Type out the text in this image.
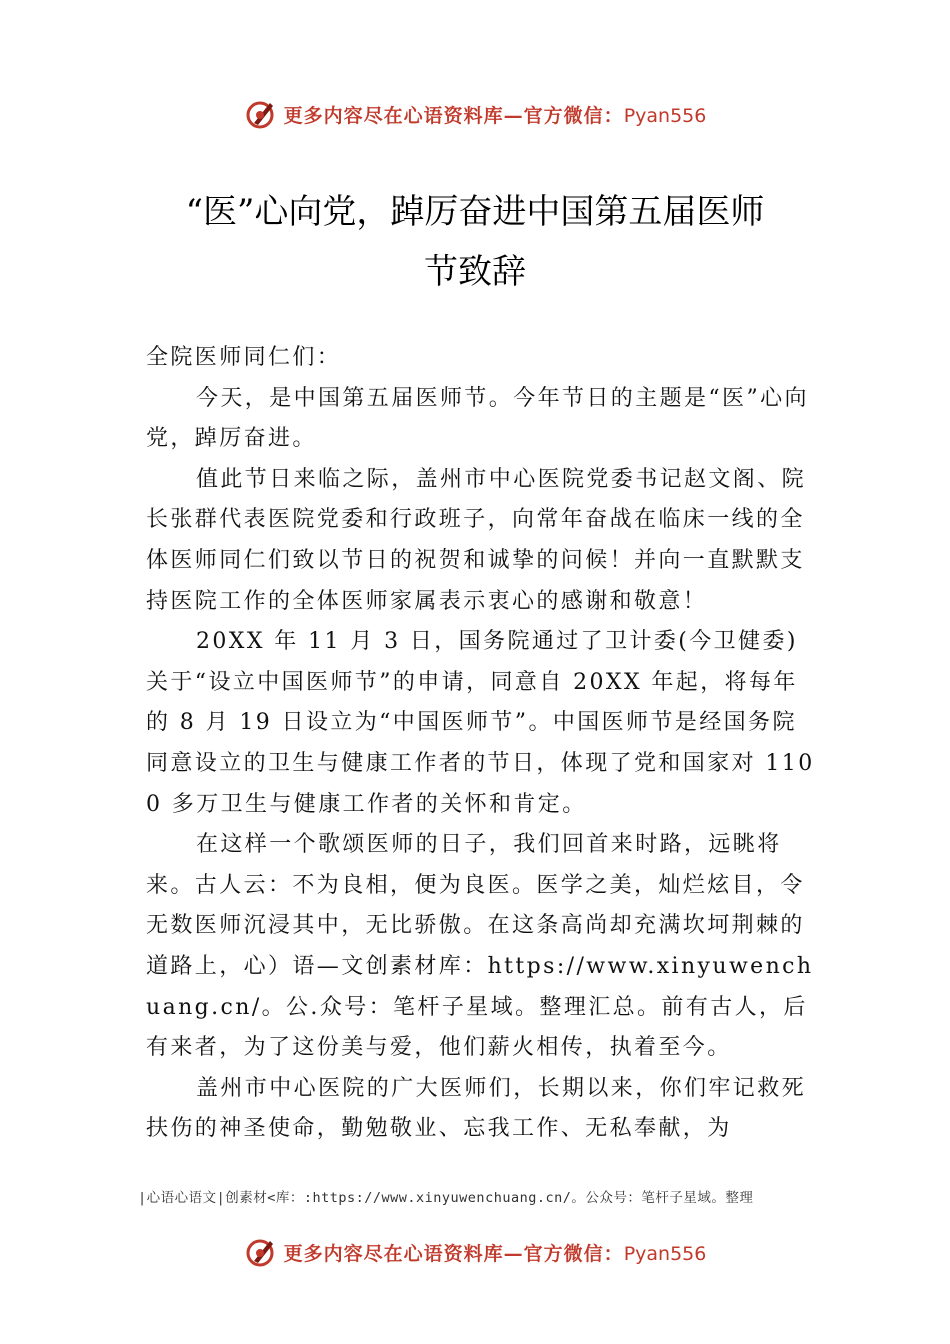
更多内容尽在心语资料库—官方微信：Pyan556
“医”心向党，踔厉奋进中国第五届医师
节致辞

全院医师同仁们：

今天，是中国第五届医师节。今年节日的主题是“医”心向党，踔厉奋进。

值此节日来临之际，盖州市中心医院党委书记赵文阁、院长张群代表医院党委和行政班子，向常年奋战在临床一线的全体医师同仁们致以节日的祝贺和诚挚的问候！并向一直默默支持医院工作的全体医师家属表示衷心的感谢和敬意！

20XX 年 11 月 3 日，国务院通过了卫计委(今卫健委)关于“设立中国医师节”的申请，同意自 20XX 年起，将每年的 8 月 19 日设立为“中国医师节”。中国医师节是经国务院同意设立的卫生与健康工作者的节日，体现了党和国家对 1100 多万卫生与健康工作者的关怀和肯定。

在这样一个歌颂医师的日子，我们回首来时路，远眺将来。古人云：不为良相，便为良医。医学之美，灿烂炫目，令无数医师沉浸其中，无比骄傲。在这条高尚却充满坎坷荆棘的道路上，心）语—文创素材库：https://www.xinyuwenchuang.cn/。公.众号：笔杆子星域。整理汇总。前有古人，后有来者，为了这份美与爱，他们薪火相传，执着至今。

盖州市中心医院的广大医师们，长期以来，你们牢记救死扶伤的神圣使命，勤勉敬业、忘我工作、无私奉献，为

|心语心语文|创素材<库：:https://www.xinyuwenchuang.cn/。公众号：笔杆子星域。整理
更多内容尽在心语资料库—官方微信：Pyan556
